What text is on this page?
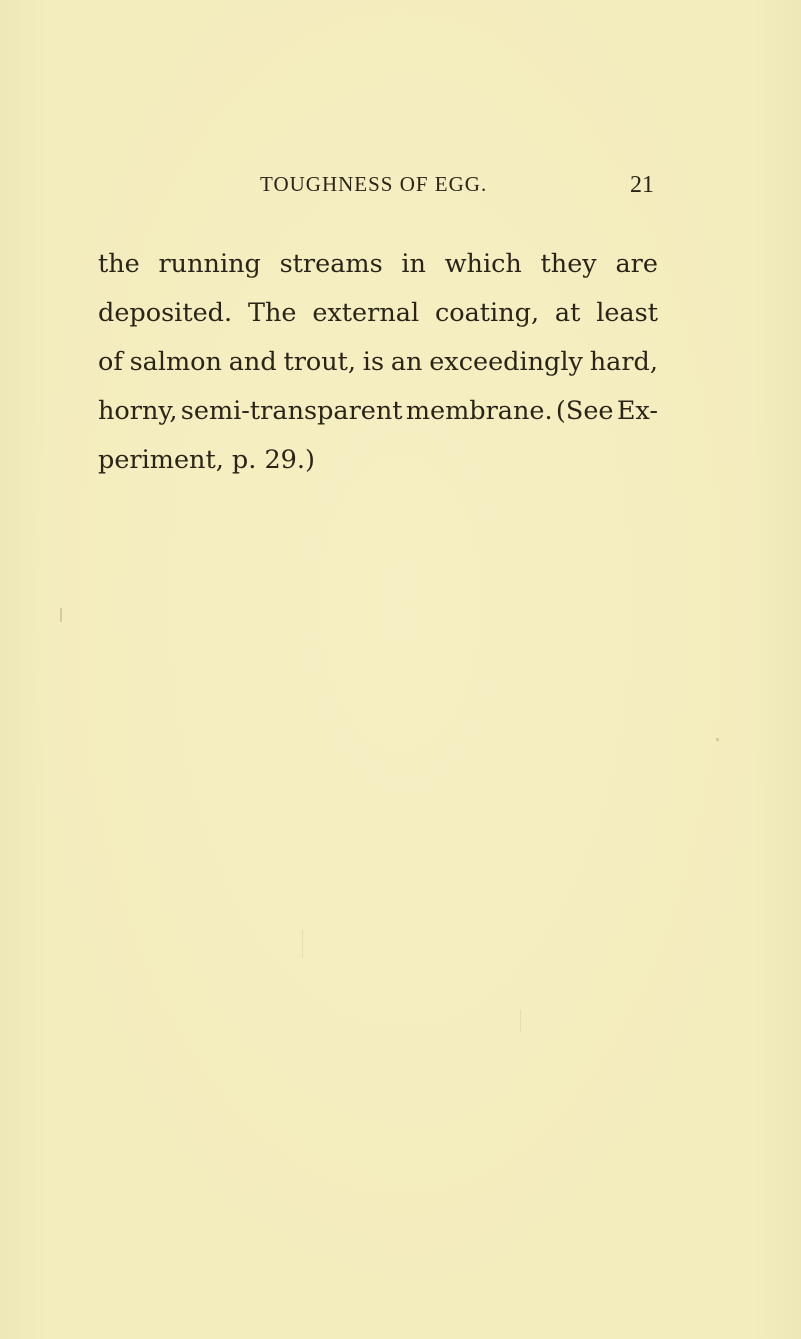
TOUGHNESS OF EGG.	21
the running streams in which they are
deposited. The external coating, at least
of salmon and trout, is an exceedingly hard,
horny, semi-transparent membrane. (See Ex-
periment, p. 29.)
